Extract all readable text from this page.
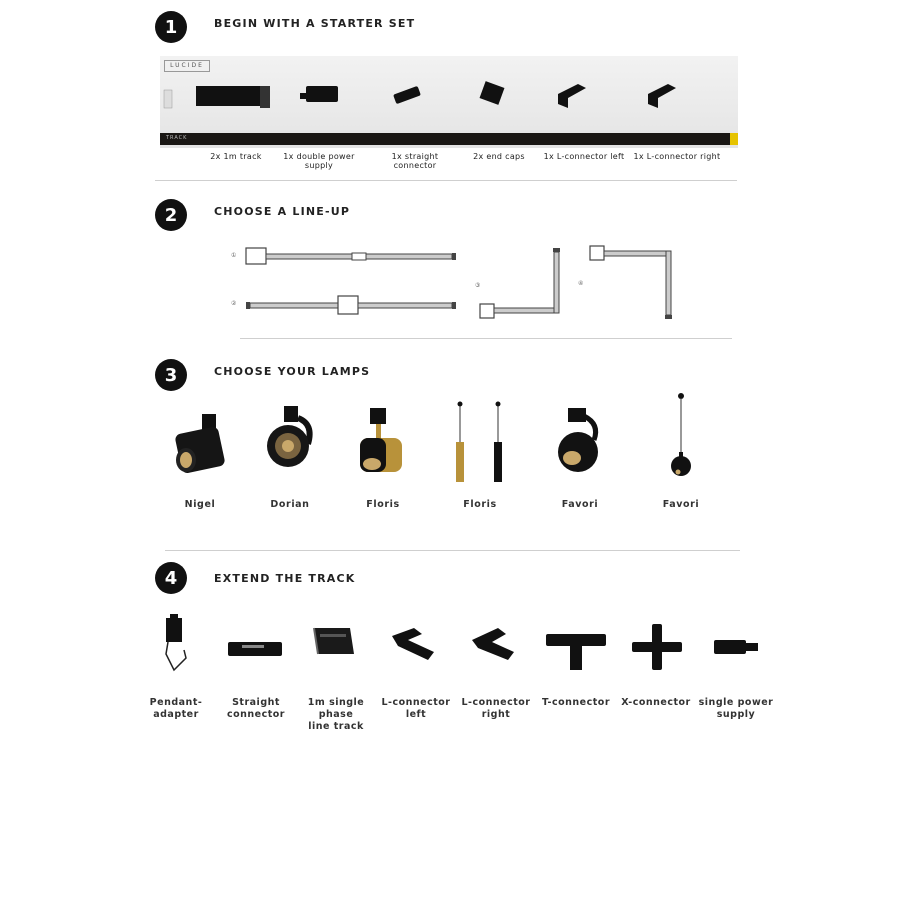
1	BEGIN WITH A STARTER SET
LUCIDE
TRACK
2x 1m track	1x double power supply
1x straight connector
2x end caps	1x L-connector left	1x L-connector right
2	CHOOSE A LINE-UP
①
②
③	④
3	CHOOSE YOUR LAMPS
Nigel	Dorian	Floris	Floris	Favori	Favori
4	EXTEND THE TRACK
Pendant-adapter
Straight
connector
1m single phase
line track
L-connector
left
L-connector
right
T-connector	X-connector single power
supply
